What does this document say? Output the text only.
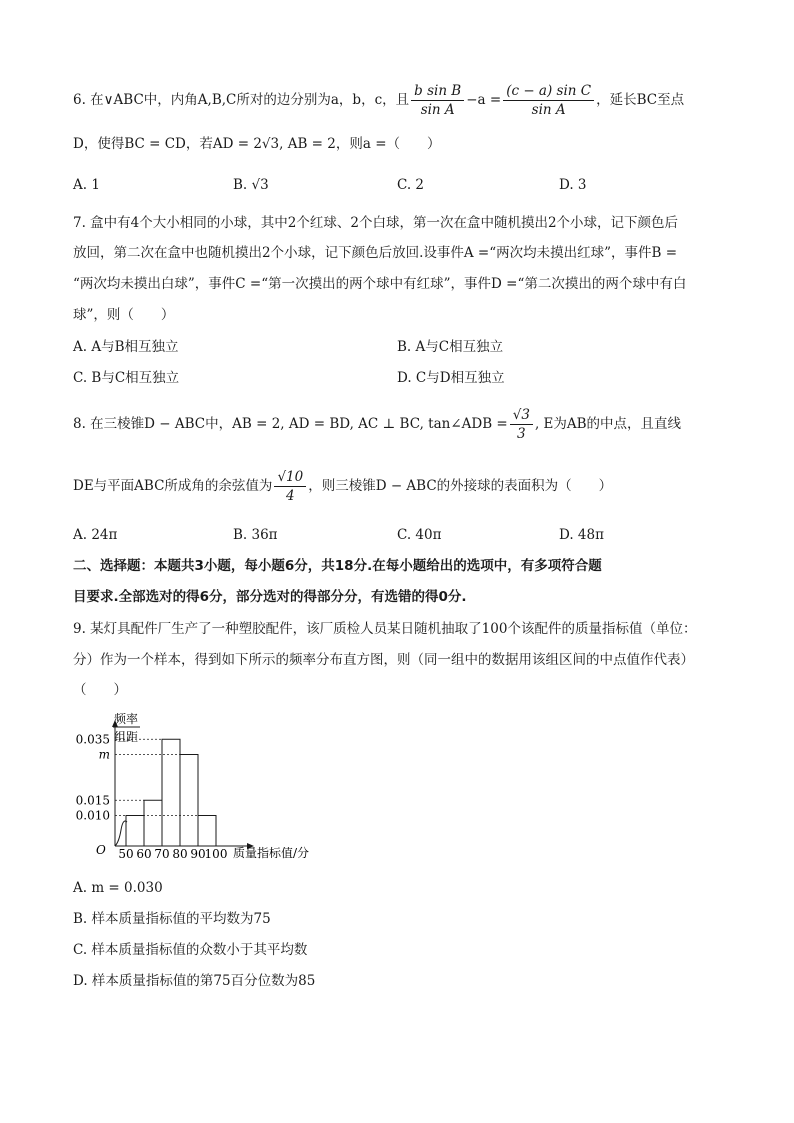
6. 在∨ABC中，内角A,B,C所对的边分别为a，b，c，且 $\frac{\text{b sin B}}{\text{sin A}} -a = \frac{\text{(c − a) sin C}}{\text{sin A}}$ ，延长BC至点
D，使得BC = CD，若AD = 2√3, AB = 2，则a =（　　）
A. 1	B. √3	C. 2	D. 3
7. 盒中有4个大小相同的小球，其中2个红球、2个白球，第一次在盒中随机摸出2个小球，记下颜色后
放回，第二次在盒中也随机摸出2个小球，记下颜色后放回.设事件A =“两次均未摸出红球”，事件B =
“两次均未摸出白球”，事件C =“第一次摸出的两个球中有红球”，事件D =“第二次摸出的两个球中有白
球”，则（　　）
A. A与B相互独立	B. A与C相互独立
C. B与C相互独立	D. C与D相互独立
8. 在三棱锥D − ABC中，AB = 2, AD = BD, AC ⊥ BC, tan∠ADB = $\frac{√3}{3}$ , E为AB的中点，且直线
DE与平面ABC所成角的余弦值为 $\frac{√10}{4}$ ，则三棱锥D − ABC的外接球的表面积为（　　）
A. 24π	B. 36π	C. 40π	D. 48π
二、选择题：本题共3小题，每小题6分，共18分.在每小题给出的选项中，有多项符合题
目要求.全部选对的得6分，部分选对的得部分分，有选错的得0分.
9. 某灯具配件厂生产了一种塑胶配件，该厂质检人员某日随机抽取了100个该配件的质量指标值（单位：
分）作为一个样本，得到如下所示的频率分布直方图，则（同一组中的数据用该组区间的中点值作代表）
（　　）
频率
组距
O	质量指标值/分
0.035
m
0.015
0.010
50 60 70 80 90
100
A. m = 0.030
B. 样本质量指标值的平均数为75
C. 样本质量指标值的众数小于其平均数
D. 样本质量指标值的第75百分位数为85
